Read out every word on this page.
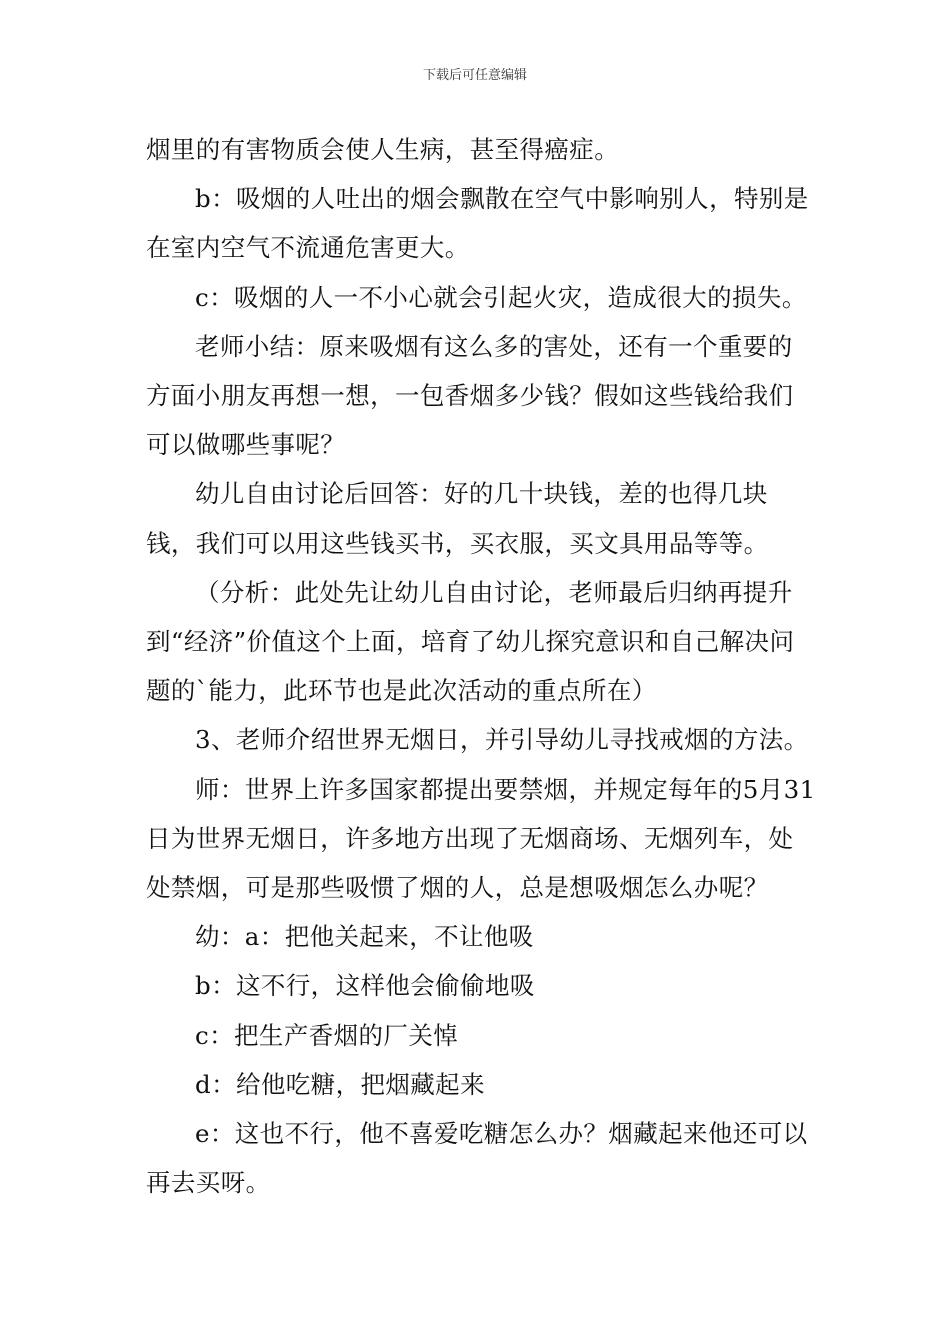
下载后可任意编辑

烟里的有害物质会使人生病，甚至得癌症。

b：吸烟的人吐出的烟会飘散在空气中影响别人，特别是在室内空气不流通危害更大。

c：吸烟的人一不小心就会引起火灾，造成很大的损失。

老师小结：原来吸烟有这么多的害处，还有一个重要的方面小朋友再想一想，一包香烟多少钱？假如这些钱给我们可以做哪些事呢？

幼儿自由讨论后回答：好的几十块钱，差的也得几块钱，我们可以用这些钱买书，买衣服，买文具用品等等。

（分析：此处先让幼儿自由讨论，老师最后归纳再提升到“经济”价值这个上面，培育了幼儿探究意识和自己解决问题的`能力，此环节也是此次活动的重点所在）

3、老师介绍世界无烟日，并引导幼儿寻找戒烟的方法。

师：世界上许多国家都提出要禁烟，并规定每年的5月31日为世界无烟日，许多地方出现了无烟商场、无烟列车，处处禁烟，可是那些吸惯了烟的人，总是想吸烟怎么办呢？

幼：a：把他关起来，不让他吸

b：这不行，这样他会偷偷地吸

c：把生产香烟的厂关悼

d：给他吃糖，把烟藏起来

e：这也不行，他不喜爱吃糖怎么办？烟藏起来他还可以再去买呀。
